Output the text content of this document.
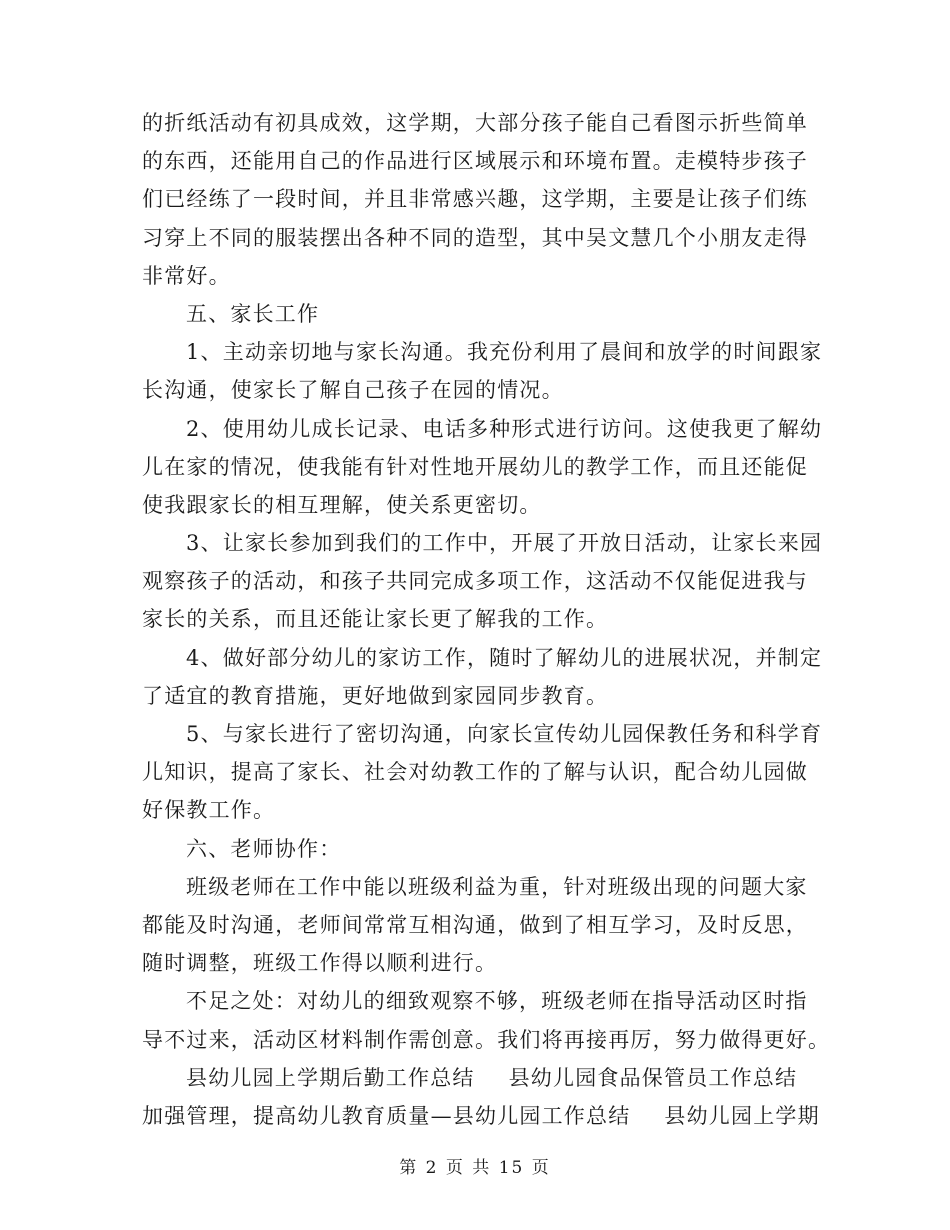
的折纸活动有初具成效，这学期，大部分孩子能自己看图示折些简单
的东西，还能用自己的作品进行区域展示和环境布置。走模特步孩子
们已经练了一段时间，并且非常感兴趣，这学期，主要是让孩子们练
习穿上不同的服装摆出各种不同的造型，其中吴文慧几个小朋友走得
非常好。
五、家长工作
1、主动亲切地与家长沟通。我充份利用了晨间和放学的时间跟家
长沟通，使家长了解自己孩子在园的情况。
2、使用幼儿成长记录、电话多种形式进行访问。这使我更了解幼
儿在家的情况，使我能有针对性地开展幼儿的教学工作，而且还能促
使我跟家长的相互理解，使关系更密切。
3、让家长参加到我们的工作中，开展了开放日活动，让家长来园
观察孩子的活动，和孩子共同完成多项工作，这活动不仅能促进我与
家长的关系，而且还能让家长更了解我的工作。
4、做好部分幼儿的家访工作，随时了解幼儿的进展状况，并制定
了适宜的教育措施，更好地做到家园同步教育。
5、与家长进行了密切沟通，向家长宣传幼儿园保教任务和科学育
儿知识，提高了家长、社会对幼教工作的了解与认识，配合幼儿园做
好保教工作。
六、老师协作：
班级老师在工作中能以班级利益为重，针对班级出现的问题大家
都能及时沟通，老师间常常互相沟通，做到了相互学习，及时反思，
随时调整，班级工作得以顺利进行。
不足之处：对幼儿的细致观察不够，班级老师在指导活动区时指
导不过来，活动区材料制作需创意。我们将再接再厉，努力做得更好。
县幼儿园上学期后勤工作总结 县幼儿园食品保管员工作总结
加强管理，提高幼儿教育质量—县幼儿园工作总结 县幼儿园上学期
第 2 页 共 15 页
